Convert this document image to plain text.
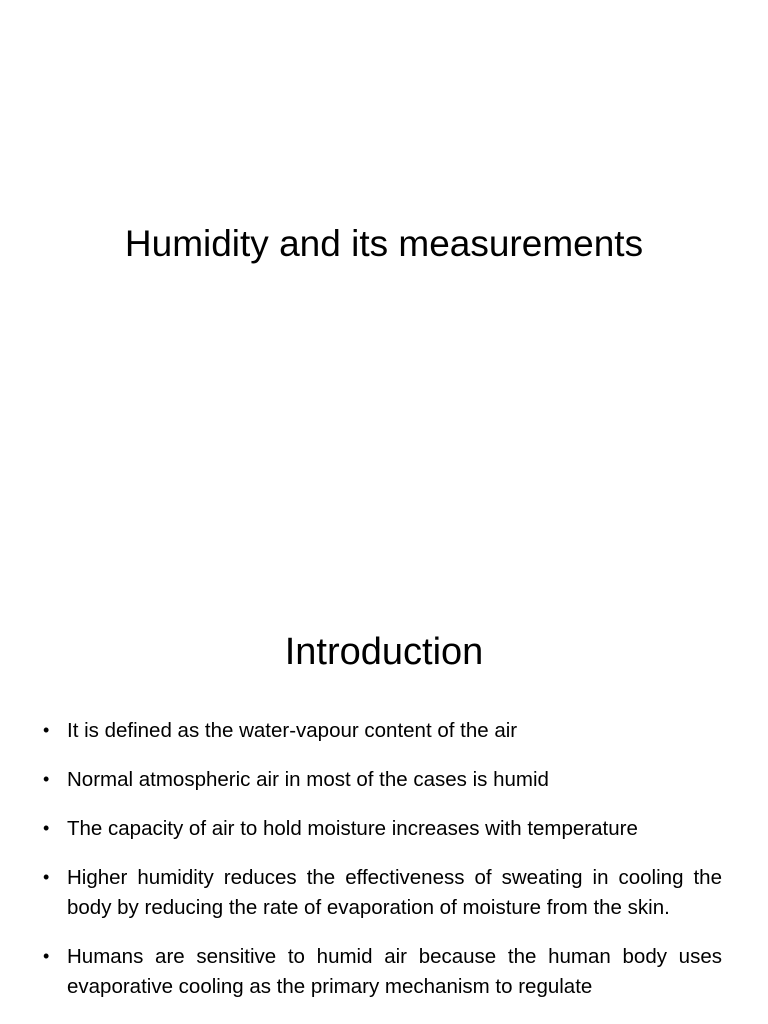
Humidity and its measurements
Introduction
• It is defined as the water-vapour content of the air
• Normal atmospheric air in most of the cases is humid
• The capacity of air to hold moisture increases with temperature
• Higher humidity reduces the effectiveness of sweating in cooling the body by reducing the rate of evaporation of moisture from the skin.
• Humans are sensitive to humid air because the human body uses evaporative cooling as the primary mechanism to regulate
